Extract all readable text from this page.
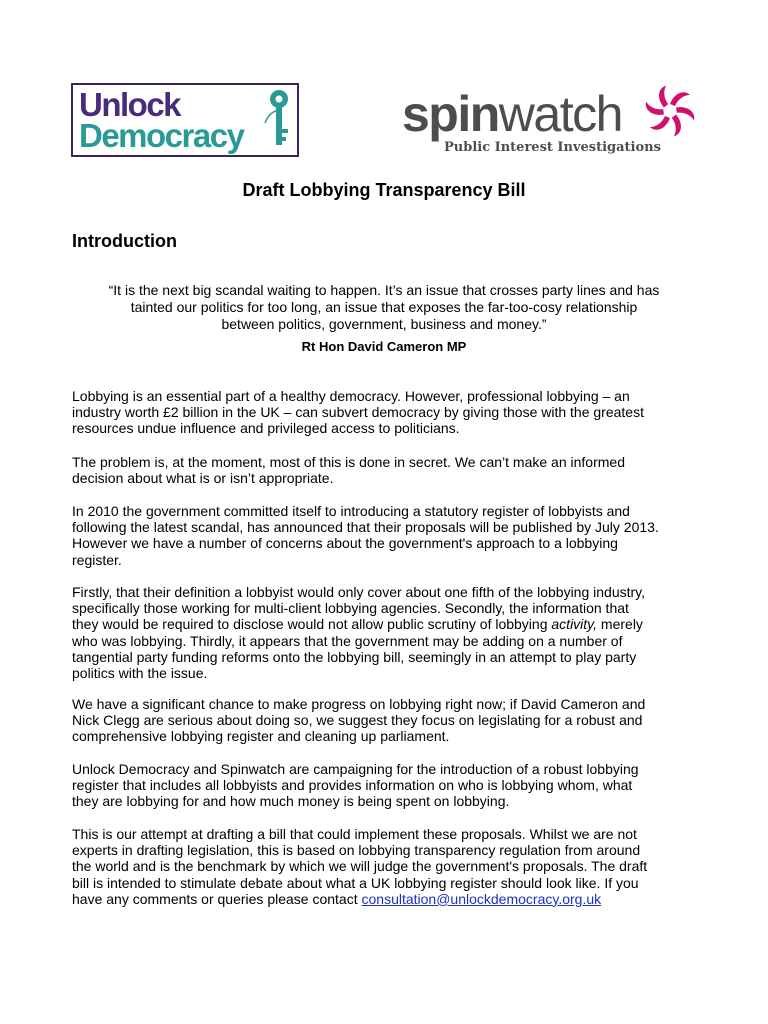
Unlock
Democracy	spinwatch
Public Interest Investigations
Draft Lobbying Transparency Bill
Introduction
“It is the next big scandal waiting to happen. It’s an issue that crosses party lines and has
tainted our politics for too long, an issue that exposes the far-too-cosy relationship
between politics, government, business and money.”
Rt Hon David Cameron MP
Lobbying is an essential part of a healthy democracy. However, professional lobbying – an
industry worth £2 billion in the UK – can subvert democracy by giving those with the greatest
resources undue influence and privileged access to politicians.
The problem is, at the moment, most of this is done in secret. We can’t make an informed
decision about what is or isn’t appropriate.
In 2010 the government committed itself to introducing a statutory register of lobbyists and
following the latest scandal, has announced that their proposals will be published by July 2013.
However we have a number of concerns about the government's approach to a lobbying
register.
Firstly, that their definition a lobbyist would only cover about one fifth of the lobbying industry,
specifically those working for multi-client lobbying agencies. Secondly, the information that
they would be required to disclose would not allow public scrutiny of lobbying activity, merely
who was lobbying. Thirdly, it appears that the government may be adding on a number of
tangential party funding reforms onto the lobbying bill, seemingly in an attempt to play party
politics with the issue.
We have a significant chance to make progress on lobbying right now; if David Cameron and
Nick Clegg are serious about doing so, we suggest they focus on legislating for a robust and
comprehensive lobbying register and cleaning up parliament.
Unlock Democracy and Spinwatch are campaigning for the introduction of a robust lobbying
register that includes all lobbyists and provides information on who is lobbying whom, what
they are lobbying for and how much money is being spent on lobbying.
This is our attempt at drafting a bill that could implement these proposals. Whilst we are not
experts in drafting legislation, this is based on lobbying transparency regulation from around
the world and is the benchmark by which we will judge the government's proposals. The draft
bill is intended to stimulate debate about what a UK lobbying register should look like. If you
have any comments or queries please contact consultation@unlockdemocracy.org.uk
